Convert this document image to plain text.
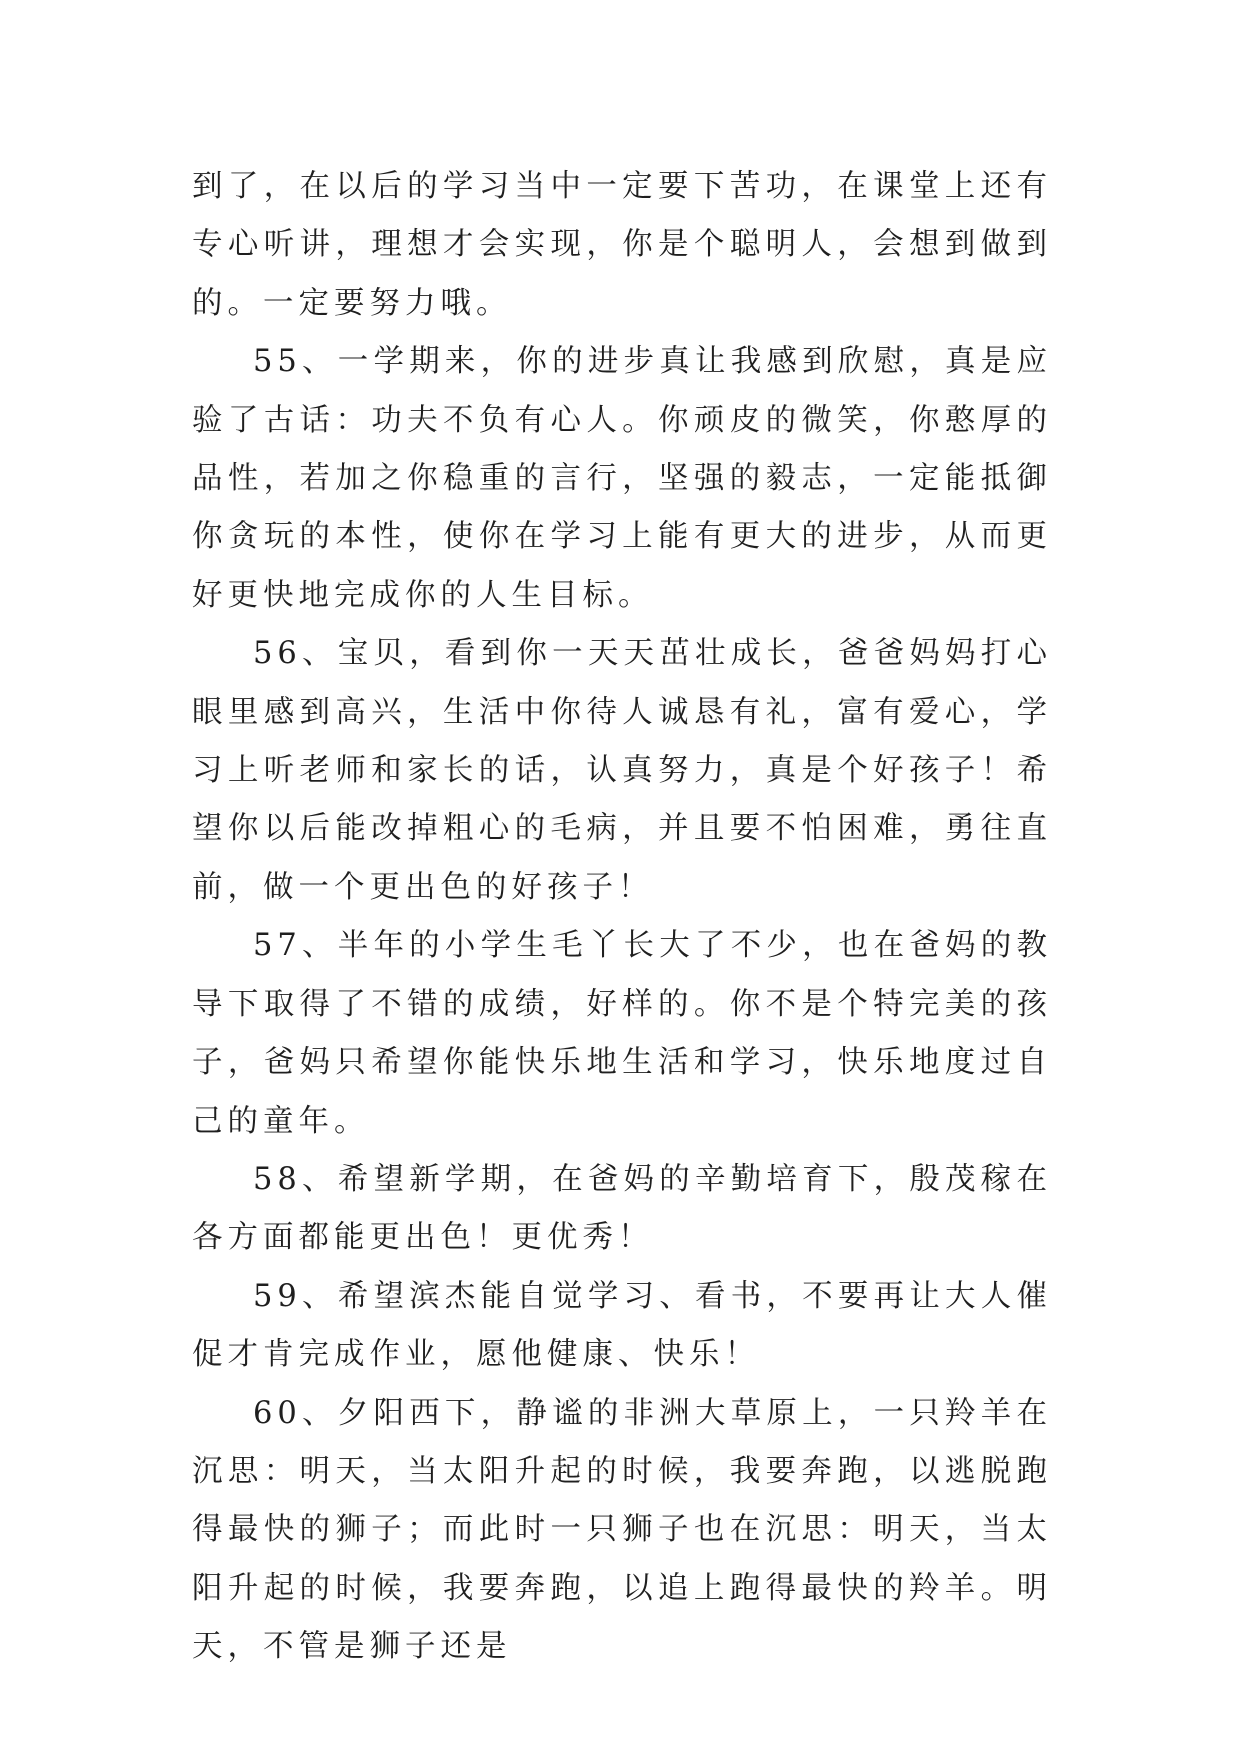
到了，在以后的学习当中一定要下苦功，在课堂上还有专心听讲，理想才会实现，你是个聪明人，会想到做到的。一定要努力哦。

55、一学期来，你的进步真让我感到欣慰，真是应验了古话：功夫不负有心人。你顽皮的微笑，你憨厚的品性，若加之你稳重的言行，坚强的毅志，一定能抵御你贪玩的本性，使你在学习上能有更大的进步，从而更好更快地完成你的人生目标。

56、宝贝，看到你一天天茁壮成长，爸爸妈妈打心眼里感到高兴，生活中你待人诚恳有礼，富有爱心，学习上听老师和家长的话，认真努力，真是个好孩子！希望你以后能改掉粗心的毛病，并且要不怕困难，勇往直前，做一个更出色的好孩子！

57、半年的小学生毛丫长大了不少，也在爸妈的教导下取得了不错的成绩，好样的。你不是个特完美的孩子，爸妈只希望你能快乐地生活和学习，快乐地度过自己的童年。

58、希望新学期，在爸妈的辛勤培育下，殷茂稼在各方面都能更出色！更优秀！

59、希望滨杰能自觉学习、看书，不要再让大人催促才肯完成作业，愿他健康、快乐！

60、夕阳西下，静谧的非洲大草原上，一只羚羊在沉思：明天，当太阳升起的时候，我要奔跑，以逃脱跑得最快的狮子；而此时一只狮子也在沉思：明天，当太阳升起的时候，我要奔跑，以追上跑得最快的羚羊。明天，不管是狮子还是
